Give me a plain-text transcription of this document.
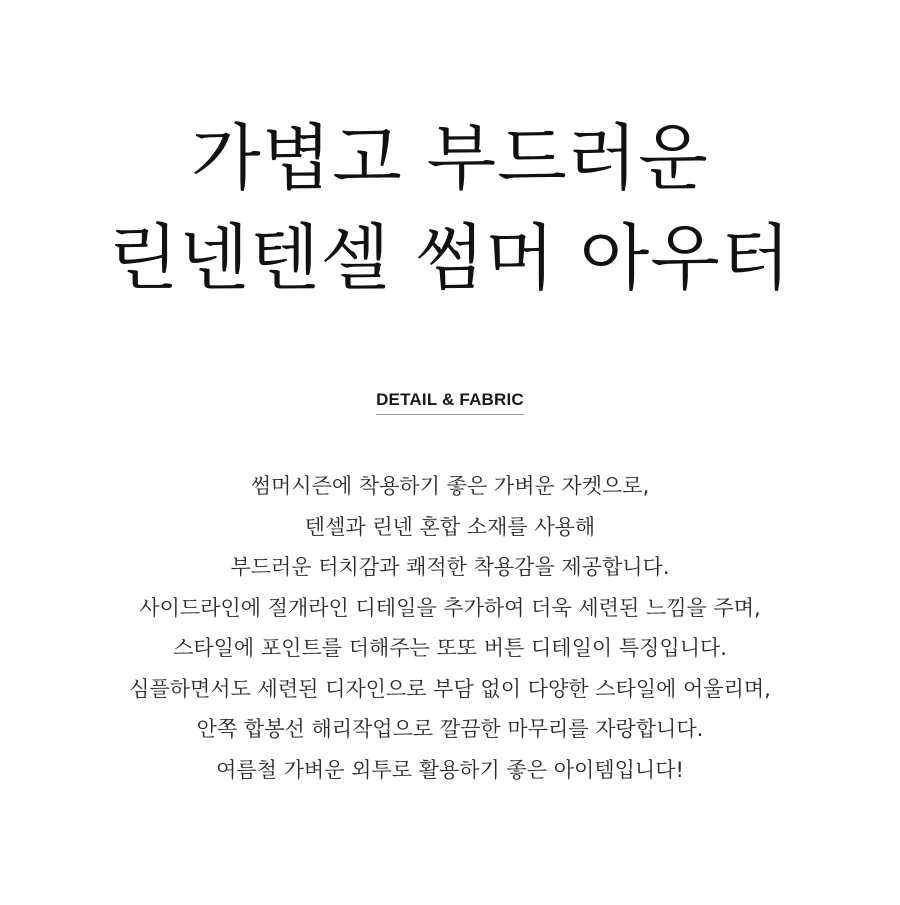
가볍고 부드러운
린넨텐셀 썸머 아우터
DETAIL & FABRIC
썸머시즌에 착용하기 좋은 가벼운 자켓으로,
텐셀과 린넨 혼합 소재를 사용해
부드러운 터치감과 쾌적한 착용감을 제공합니다.
사이드라인에 절개라인 디테일을 추가하여 더욱 세련된 느낌을 주며,
스타일에 포인트를 더해주는 또또 버튼 디테일이 특징입니다.
심플하면서도 세련된 디자인으로 부담 없이 다양한 스타일에 어울리며,
안쪽 합봉선 해리작업으로 깔끔한 마무리를 자랑합니다.
여름철 가벼운 외투로 활용하기 좋은 아이템입니다!
